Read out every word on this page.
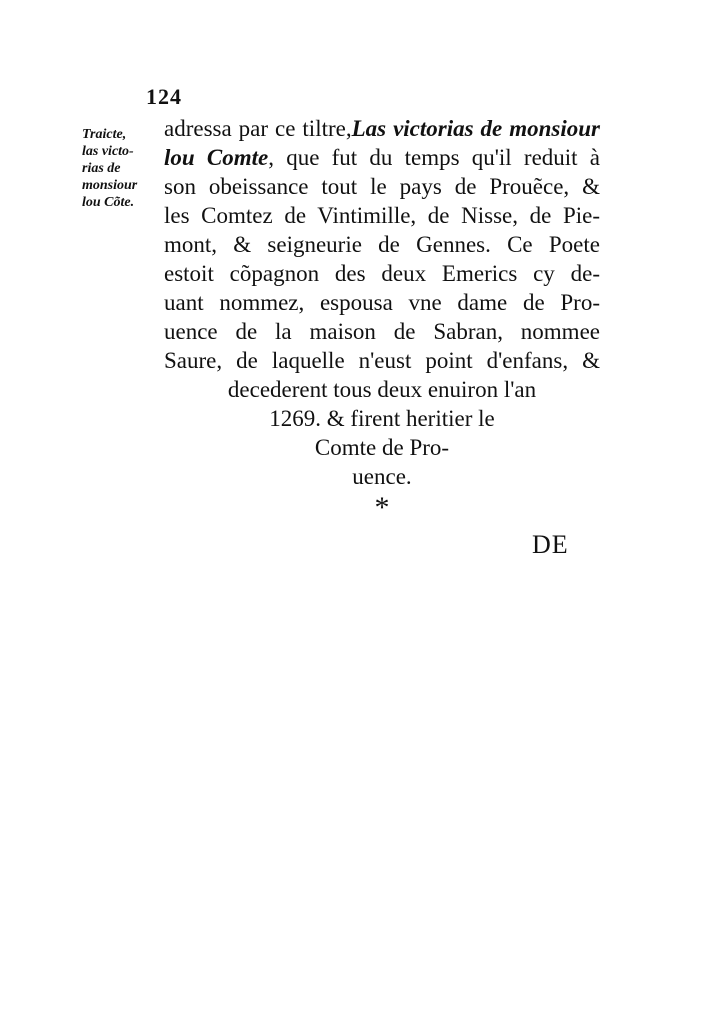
124
Traicte,
las victo-
rias de
monsiour
lou Cõte.
adressa par ce tiltre,Las victorias de monsiour
lou Comte, que fut du temps qu'il reduit à
son obeissance tout le pays de Prouẽce, &
les Comtez de Vintimille, de Nisse, de Pie-
mont, & seigneurie de Gennes. Ce Poete
estoit cõpagnon des deux Emerics cy de-
uant nommez, espousa vne dame de Pro-
uence de la maison de Sabran, nommee
Saure, de laquelle n'eust point d'enfans, &
decederent tous deux enuiron l'an
1269. & firent heritier le
Comte de Pro-
uence.
*
DE
